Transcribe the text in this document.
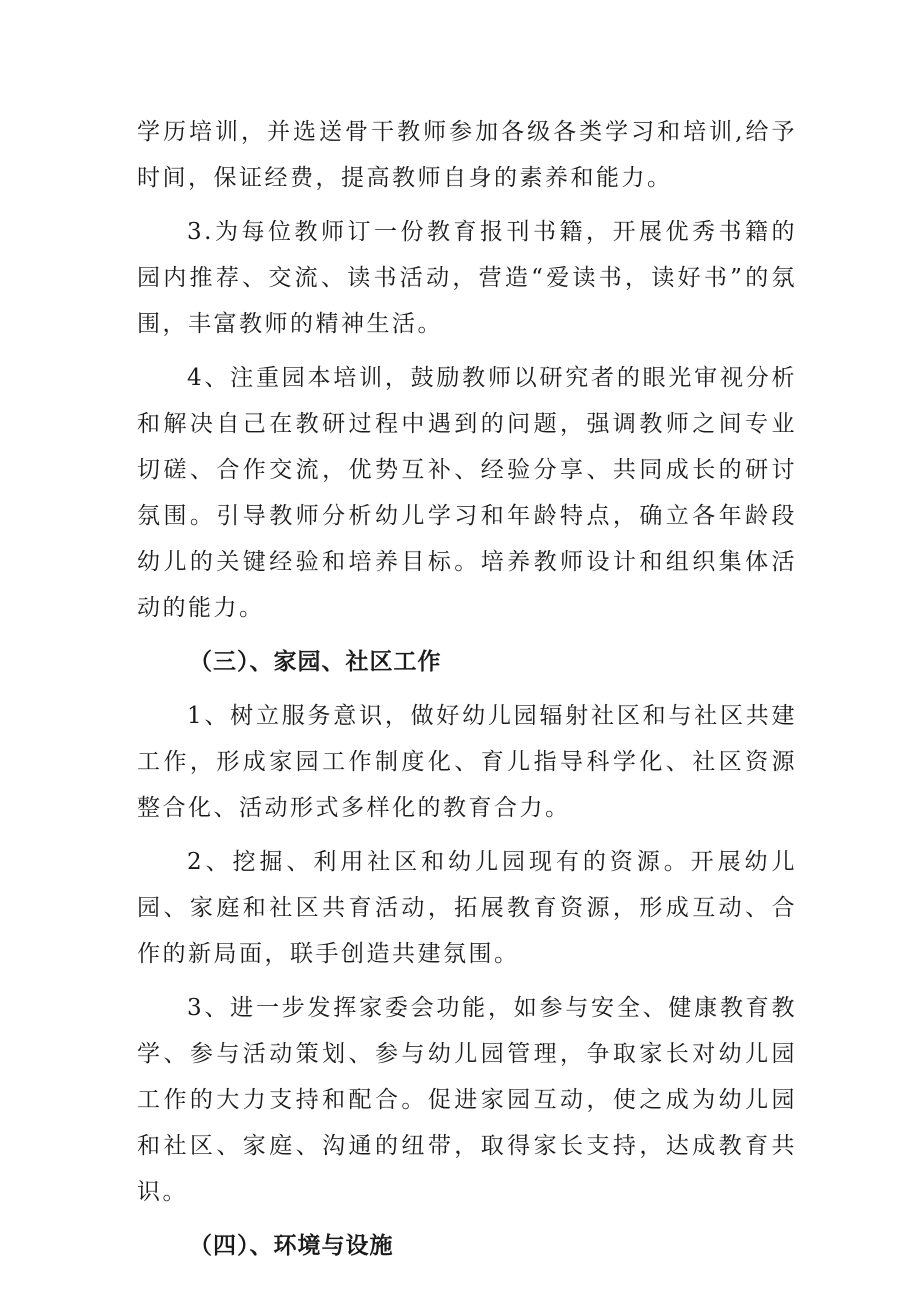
学历培训，并选送骨干教师参加各级各类学习和培训,给予时间，保证经费，提高教师自身的素养和能力。

3.为每位教师订一份教育报刊书籍，开展优秀书籍的园内推荐、交流、读书活动，营造“爱读书，读好书”的氛围，丰富教师的精神生活。

4、注重园本培训，鼓励教师以研究者的眼光审视分析和解决自己在教研过程中遇到的问题，强调教师之间专业切磋、合作交流，优势互补、经验分享、共同成长的研讨氛围。引导教师分析幼儿学习和年龄特点，确立各年龄段幼儿的关键经验和培养目标。培养教师设计和组织集体活动的能力。

（三）、家园、社区工作

1、树立服务意识，做好幼儿园辐射社区和与社区共建工作，形成家园工作制度化、育儿指导科学化、社区资源整合化、活动形式多样化的教育合力。

2、挖掘、利用社区和幼儿园现有的资源。开展幼儿园、家庭和社区共育活动，拓展教育资源，形成互动、合作的新局面，联手创造共建氛围。

3、进一步发挥家委会功能，如参与安全、健康教育教学、参与活动策划、参与幼儿园管理，争取家长对幼儿园工作的大力支持和配合。促进家园互动，使之成为幼儿园和社区、家庭、沟通的纽带，取得家长支持，达成教育共识。

（四）、环境与设施
